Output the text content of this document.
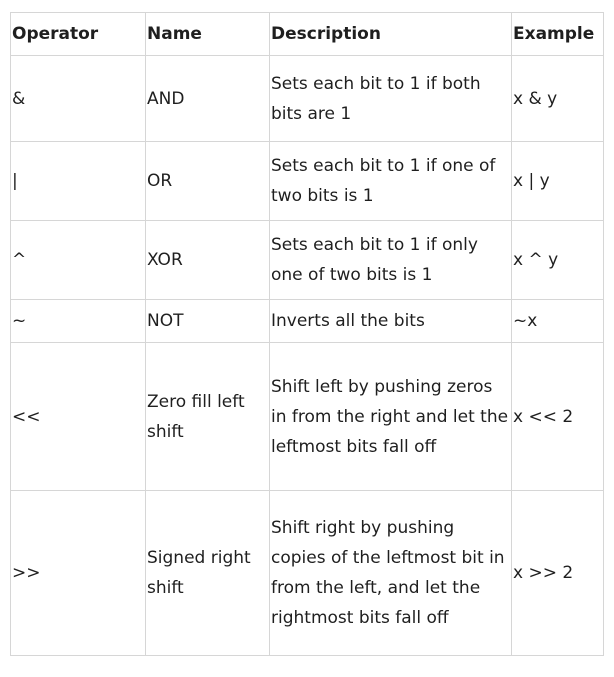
Operator	Name	Description	Example
&	AND	Sets each bit to 1 if both bits are 1	x & y
|	OR	Sets each bit to 1 if one of two bits is 1	x | y
^	XOR	Sets each bit to 1 if only one of two bits is 1	x ^ y
~	NOT	Inverts all the bits	~x
<<	Zero fill left shift	Shift left by pushing zeros in from the right and let the leftmost bits fall off	x << 2
>>	Signed right shift	Shift right by pushing copies of the leftmost bit in from the left, and let the rightmost bits fall off	x >> 2
